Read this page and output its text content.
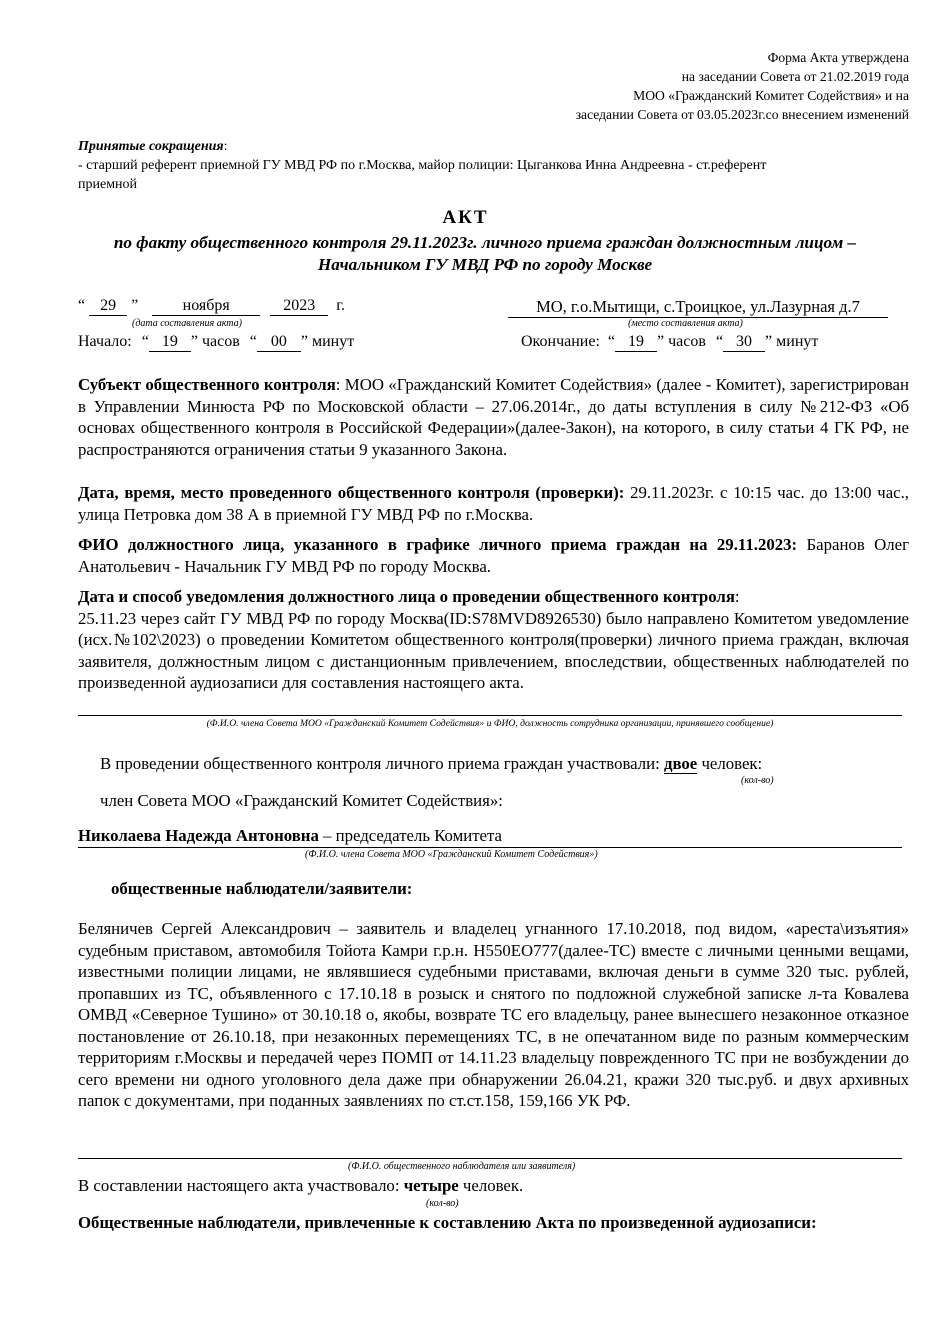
Форма Акта утверждена
на заседании Совета от 21.02.2019 года
МОО «Гражданский Комитет Содействия» и на
заседании Совета от 03.05.2023г.со внесением изменений
Принятые сокращения:
- старший референт приемной ГУ МВД РФ по г.Москва, майор полиции: Цыганкова Инна Андреевна - ст.референт
приемной
АКТ
по факту общественного контроля 29.11.2023г. личного приема граждан должностным лицом –
Начальником ГУ МВД РФ по городу Москве
“ 29 ”	ноября	2023 г.
(дата составления акта)
МО, г.о.Мытищи, с.Троицкое, ул.Лазурная д.7
(место составления акта)
Начало: “ 19 ” часов “ 00 ” минут	Окончание: “ 19 ” часов “ 30 ” минут
Субъект общественного контроля: МОО «Гражданский Комитет Содействия» (далее - Комитет), зарегистрирован в Управлении Минюста РФ по Московской области – 27.06.2014г., до даты вступления в силу №212-ФЗ «Об основах общественного контроля в Российской Федерации»(далее-Закон), на которого, в силу статьи 4 ГК РФ, не распространяются ограничения статьи 9 указанного Закона.
Дата, время, место проведенного общественного контроля (проверки): 29.11.2023г. с 10:15 час. до 13:00 час., улица Петровка дом 38 А в приемной ГУ МВД РФ по г.Москва.
ФИО должностного лица, указанного в графике личного приема граждан на 29.11.2023: Баранов Олег Анатольевич - Начальник ГУ МВД РФ по городу Москва.
Дата и способ уведомления должностного лица о проведении общественного контроля:
25.11.23 через сайт ГУ МВД РФ по городу Москва(ID:S78MVD8926530) было направлено Комитетом уведомление (исх.№102\2023) о проведении Комитетом общественного контроля(проверки) личного приема граждан, включая заявителя, должностным лицом с дистанционным привлечением, впоследствии, общественных наблюдателей по произведенной аудиозаписи для составления настоящего акта.
(Ф.И.О. члена Совета МОО «Гражданский Комитет Содействия» и ФИО, должность сотрудника организации, принявшего сообщение)
В проведении общественного контроля личного приема граждан участвовали: двое человек:
(кол-во)
член Совета МОО «Гражданский Комитет Содействия»:
Николаева Надежда Антоновна – председатель Комитета
(Ф.И.О. члена Совета МОО «Гражданский Комитет Содействия»)
общественные наблюдатели/заявители:
Беляничев Сергей Александрович – заявитель и владелец угнанного 17.10.2018, под видом, «ареста\изъятия» судебным приставом, автомобиля Тойота Камри г.р.н. Н550ЕО777(далее-ТС) вместе с личными ценными вещами, известными полиции лицами, не являвшиеся судебными приставами, включая деньги в сумме 320 тыс. рублей, пропавших из ТС, объявленного с 17.10.18 в розыск и снятого по подложной служебной записке л-та Ковалева ОМВД «Северное Тушино» от 30.10.18 о, якобы, возврате ТС его владельцу, ранее вынесшего незаконное отказное постановление от 26.10.18, при незаконных перемещениях ТС, в не опечатанном виде по разным коммерческим территориям г.Москвы и передачей через ПОМП от 14.11.23 владельцу поврежденного ТС при не возбуждении до сего времени ни одного уголовного дела даже при обнаружении 26.04.21, кражи 320 тыс.руб. и двух архивных папок с документами, при поданных заявлениях по ст.ст.158, 159,166 УК РФ.
(Ф.И.О. общественного наблюдателя или заявителя)
В составлении настоящего акта участвовало: четыре человек.
(кол-во)
Общественные наблюдатели, привлеченные к составлению Акта по произведенной аудиозаписи:
